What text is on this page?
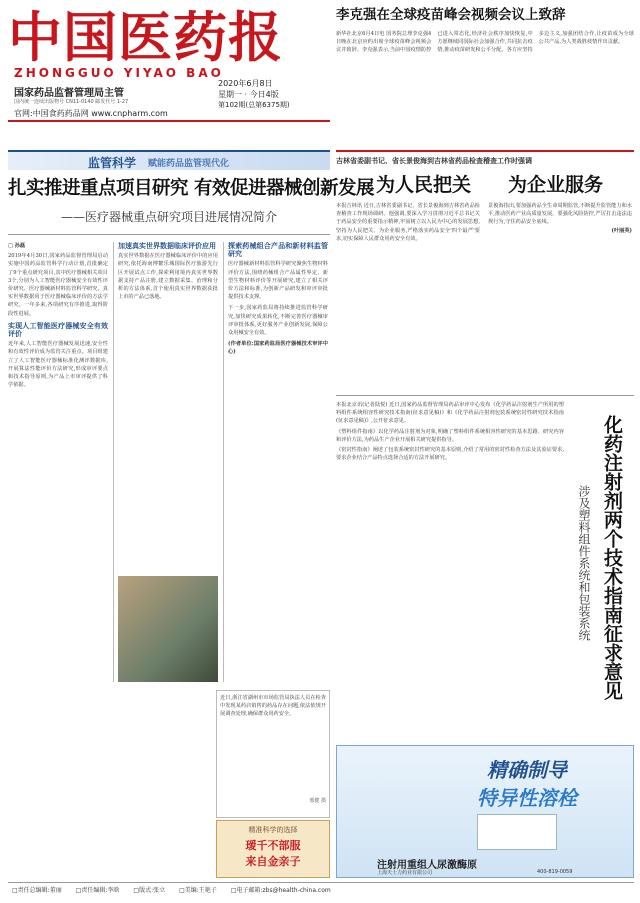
中国医药报
ZHONGGUO YIYAO BAO
国家药品监督管理局主管
国内统一连续出版物号 CN11-0140 邮发代号 1-27
官网:中国食药药品网 www.cnpharm.com
2020年6月8日
星期一 · 今日4版
第102期(总第6375期)
李克强在全球疫苗峰会视频会议上致辞
新华社北京6月4日电 国务院总理李克强4日晚在北京应约出席全球疫苗峰会视频会议并致辞。李克强表示,当前中国疫情防控已进入常态化,经济社会秩序加快恢复,中方愿继续同国际社会加强合作,共同抗击疫情,推动疫苗研发和公平分配。各方应坚持多边主义,加强团结合作,让疫苗成为全球公共产品,为人类战胜疫情作出贡献。
监管科学 赋能药品监管现代化
扎实推进重点项目研究 有效促进器械创新发展
——医疗器械重点研究项目进展情况简介
□ 孙磊
2019年4月30日,国家药品监督管理局启动实施中国药品监管科学行动计划,首批确定了9个重点研究项目,其中医疗器械相关项目3个,分别为人工智能医疗器械安全有效性评价研究、医疗器械新材料监管科学研究、真实世界数据用于医疗器械临床评价的方法学研究。一年多来,各项研究有序推进,取得阶段性进展。
实现人工智能医疗器械安全有效评价
近年来,人工智能医疗器械发展迅速,安全性和有效性评价成为监管关注重点。项目组建立了人工智能医疗器械标准化测评数据库,开展算法性能评价方法研究,形成审评要点和技术指导原则,为产品上市审评提供了科学依据。
加速真实世界数据临床评价应用
真实世界数据在医疗器械临床评价中的应用研究,依托海南博鳌乐城国际医疗旅游先行区开展试点工作,探索利用境内真实世界数据支持产品注册,建立数据采集、治理和分析的方法体系,首个使用真实世界数据获批上市的产品已落地。
探索药械组合产品和新材料监管研究
医疗器械新材料监管科学研究聚焦生物材料评价方法,围绕药械组合产品属性界定、新型生物材料评价等开展研究,建立了相关评价方法和标准,为创新产品研发和审评审批提供技术支撑。
下一步,国家药监局将持续推进监管科学研究,加快研究成果转化,不断完善医疗器械审评审批体系,更好服务产业创新发展,保障公众用械安全有效。
(作者单位:国家药监局医疗器械技术审评中心)
吉林省委副书记、省长景俊海到吉林省药品检查稽查工作时强调
为人民把关 为企业服务
本报吉林讯 近日,吉林省委副书记、省长景俊海到吉林省药品检查稽查工作现场调研。他强调,要深入学习贯彻习近平总书记关于药品安全的重要指示精神,牢固树立以人民为中心的发展思想,坚持为人民把关、为企业服务,严格落实药品安全'四个最严'要求,切实保障人民群众用药安全有效。
景俊海指出,要加强药品全生命周期监管,不断提升监管能力和水平,推动医药产业高质量发展。要强化风险防控,严厉打击违法违规行为,守住药品安全底线。
(叶丽英)
本报北京讯(记者陆悦) 近日,国家药品监督管理局药品审评中心发布《化学药品注射剂生产所用的塑料组件系统相容性研究技术指南(征求意见稿)》和《化学药品注射剂包装系统密封性研究技术指南(征求意见稿)》,公开征求意见。
《塑料组件指南》以化学药品注射剂为对象,明确了塑料组件系统相容性研究的基本思路、研究内容和评价方法,为药品生产企业开展相关研究提供指导。
《密封性指南》阐述了包装系统密封性研究的基本原则,介绍了常用的密封性检查方法及其验证要求,要求企业结合产品特点选择合适的方法开展研究。	化药注射剂两个技术指南征求意见
涉及塑料组件系统和包装系统
近日,浙江省湖州市市场监管局执法人员在检查中发现某药店销售的药品存在问题,依法依规开展调查处理,确保群众用药安全。
邢健 摄
精准科学的选择
瑷千不部服
来自金亲子
精确制导
特异性溶栓
注射用重组人尿激酶原
上海天士力药业有限公司	400-819-0059
□责任总编辑:董丽 □责任编辑:李晗 □版式:张立 □美编:王艳子 □电子邮箱:zbs@health-china.com
